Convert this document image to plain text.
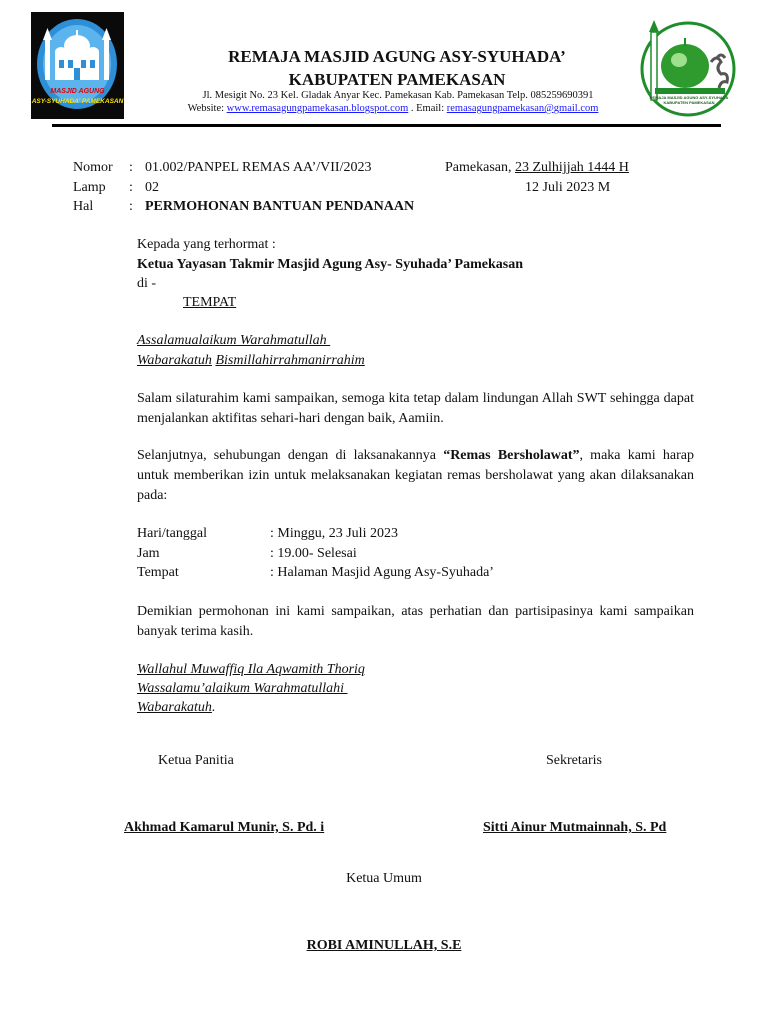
MASJID AGUNG
ASY-SYUHADA’ PAMEKASAN
REMAJA MASJID AGUNG ASY-SYUHADA
KABUPATEN PAMEKASAN
REMAJA MASJID AGUNG ASY-SYUHADA’
KABUPATEN PAMEKASAN
Jl. Mesigit No. 23 Kel. Gladak Anyar Kec. Pamekasan Kab. Pamekasan Telp. 085259690391
Website: www.remasagungpamekasan.blogspot.com . Email: remasagungpamekasan@gmail.com
Nomor : 01.002/PANPEL REMAS AA’/VII/2023
Lamp : 02
Hal	: PERMOHONAN BANTUAN PENDANAAN
Pamekasan, 23 Zulhijjah 1444 H
12 Juli 2023 M
Kepada yang terhormat :
Ketua Yayasan Takmir Masjid Agung Asy- Syuhada’ Pamekasan
di -
TEMPAT
Assalamualaikum Warahmatullah
Wabarakatuh Bismillahirrahmanirrahim
Salam silaturahim kami sampaikan, semoga kita tetap dalam lindungan Allah SWT sehingga dapat menjalankan aktifitas sehari-hari dengan baik, Aamiin.
Selanjutnya, sehubungan dengan di laksanakannya “Remas Bersholawat”, maka kami harap untuk memberikan izin untuk melaksanakan kegiatan remas bersholawat yang akan dilaksanakan pada:
Hari/tanggal	: Minggu, 23 Juli 2023
Jam	: 19.00- Selesai
Tempat	: Halaman Masjid Agung Asy-Syuhada’
Demikian permohonan ini kami sampaikan, atas perhatian dan partisipasinya kami sampaikan banyak terima kasih.
Wallahul Muwaffiq Ila Aqwamith Thoriq
Wassalamu’alaikum Warahmatullahi
Wabarakatuh.
Ketua Panitia	Sekretaris
Akhmad Kamarul Munir, S. Pd. i	Sitti Ainur Mutmainnah, S. Pd
Ketua Umum
ROBI AMINULLAH, S.E
